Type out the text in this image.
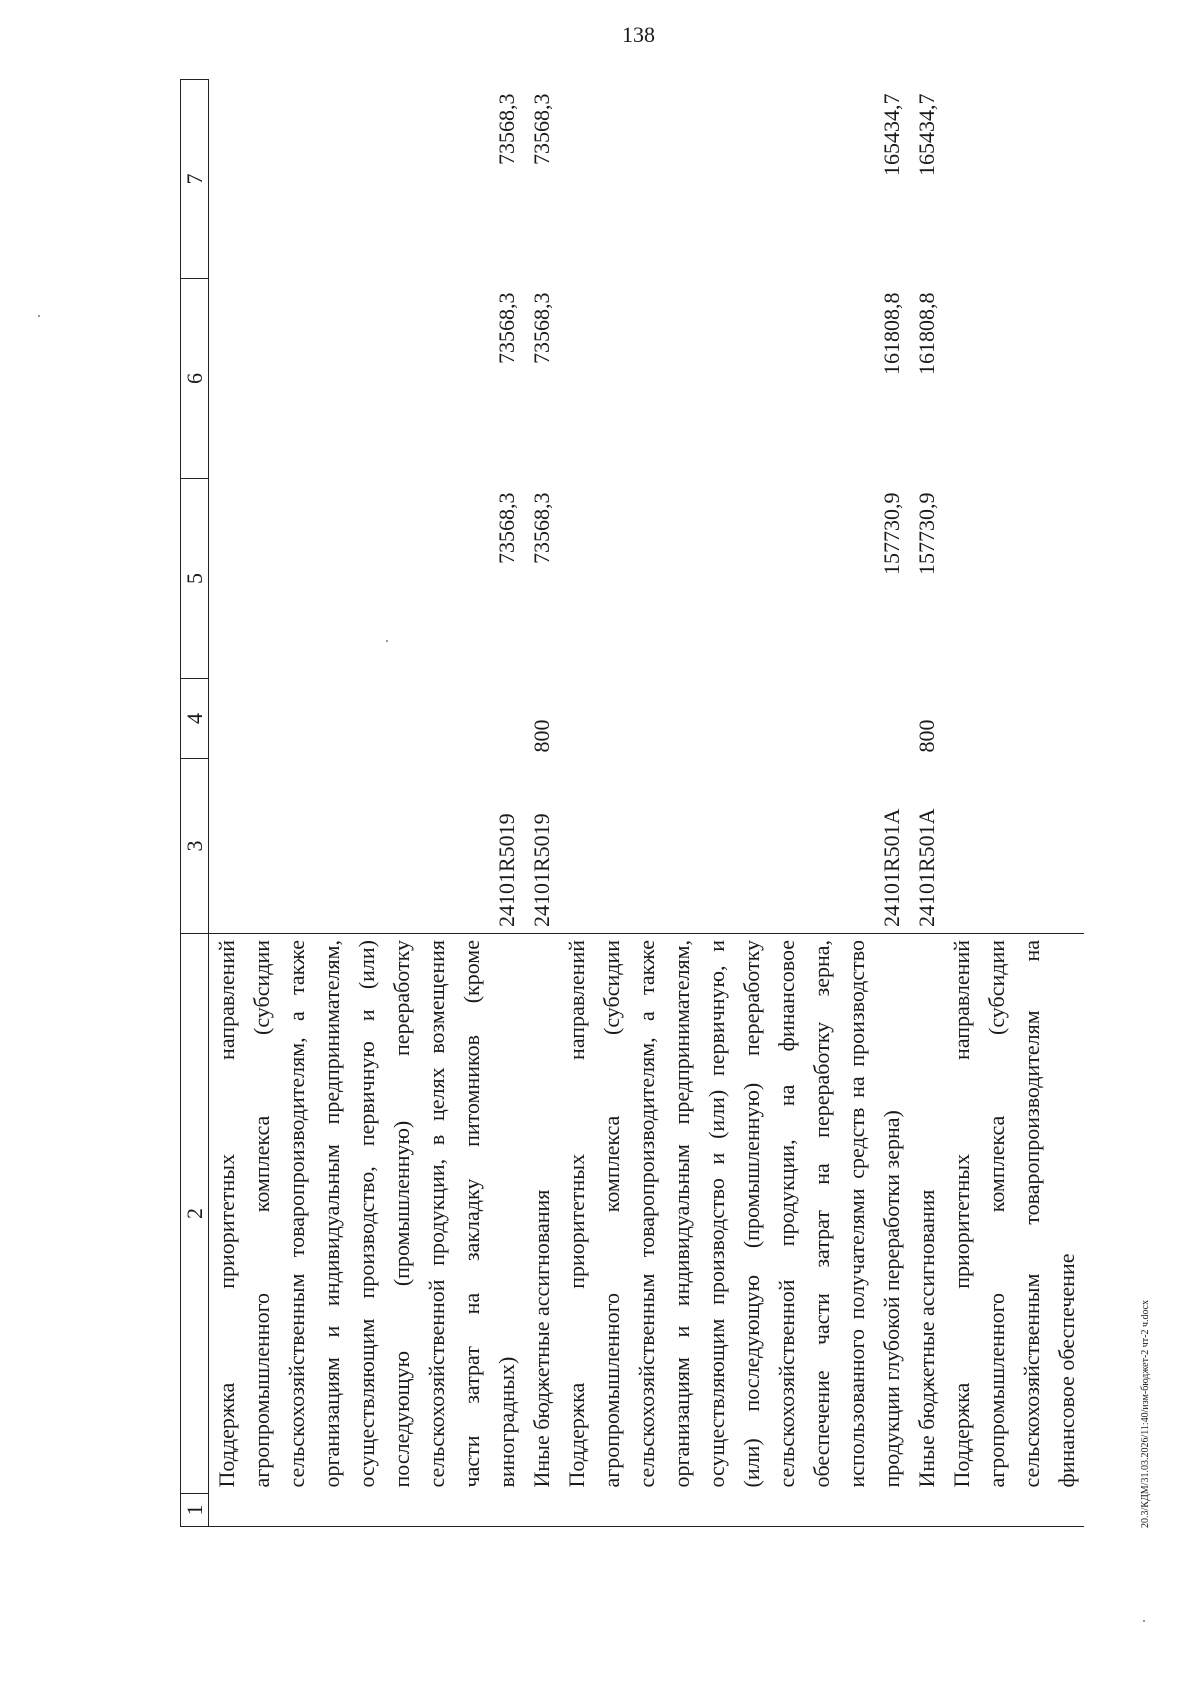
138
20.3/КДМ/31.03.2026/11:40/изм-бюджет-2 чт-2 ч.docx
1	2	3	4	5	6	7
	Поддержка приоритетных направлений агропромышленного комплекса (субсидии сельскохозяйственным товаропроизводителям, а также организациям и индивидуальным предпринимателям, осуществляющим производство, первичную и (или) последующую (промышленную) переработку сельскохозяйственной продукции, в целях возмещения части затрат на закладку питомников (кроме виноградных)	24101R5019		73568,3	73568,3	73568,3
	Иные бюджетные ассигнования	24101R5019	800	73568,3	73568,3	73568,3
	Поддержка приоритетных направлений агропромышленного комплекса (субсидии сельскохозяйственным товаропроизводителям, а также организациям и индивидуальным предпринимателям, осуществляющим производство и (или) первичную, и (или) последующую (промышленную) переработку сельскохозяйственной продукции, на финансовое обеспечение части затрат на переработку зерна, использованного получателями средств на производство продукции глубокой переработки зерна)	24101R501А		157730,9	161808,8	165434,7
	Иные бюджетные ассигнования	24101R501А	800	157730,9	161808,8	165434,7
	Поддержка приоритетных направлений агропромышленного комплекса (субсидии сельскохозяйственным товаропроизводителям на финансовое обеспечение					
